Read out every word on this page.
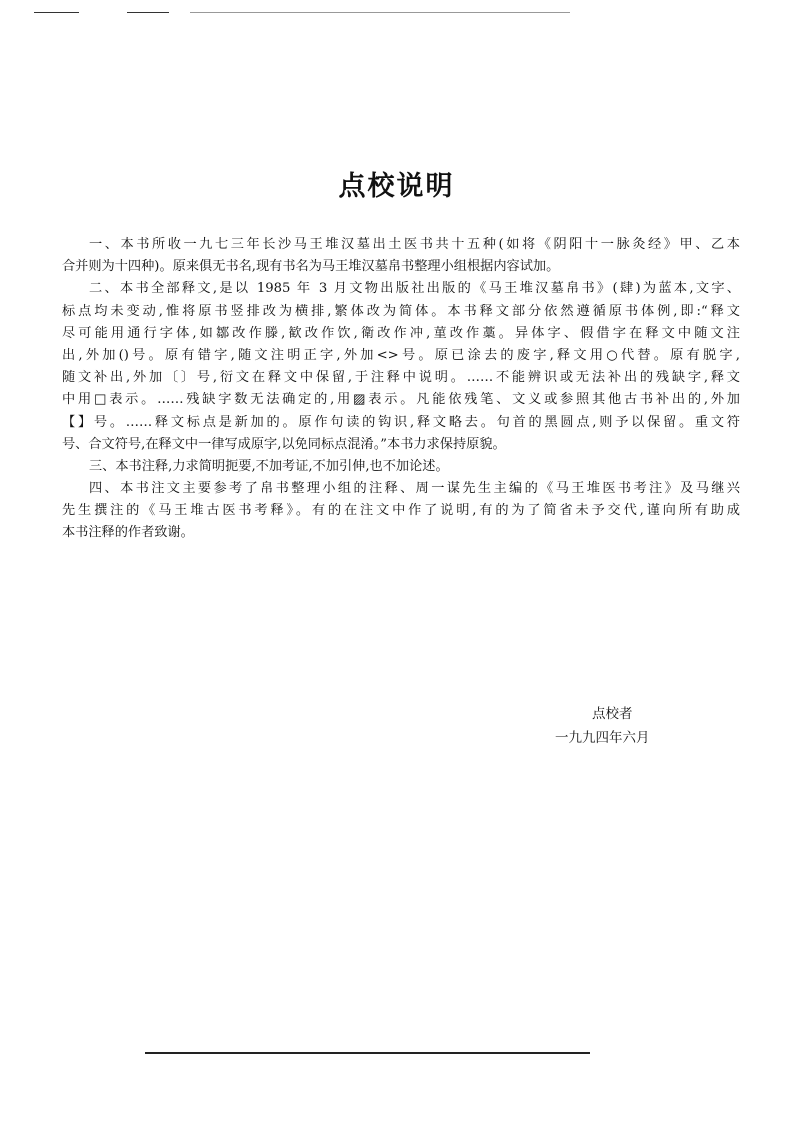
点校说明
一、本书所收一九七三年长沙马王堆汉墓出土医书共十五种(如将《阴阳十一脉灸经》甲、乙本
合并则为十四种)。原来俱无书名,现有书名为马王堆汉墓帛书整理小组根据内容试加。
二、本书全部释文,是以 1985 年 3 月文物出版社出版的《马王堆汉墓帛书》(肆)为蓝本,文字、
标点均未变动,惟将原书竖排改为横排,繁体改为简体。本书释文部分依然遵循原书体例,即:“释文
尽可能用通行字体,如鄒改作滕,歓改作饮,衛改作冲,菫改作藁。异体字、假借字在释文中随文注
出,外加()号。原有错字,随文注明正字,外加<>号。原已涂去的废字,释文用○代替。原有脱字,
随文补出,外加〔〕号,衍文在释文中保留,于注释中说明。……不能辨识或无法补出的残缺字,释文
中用□表示。……残缺字数无法确定的,用▨表示。凡能依残笔、文义或参照其他古书补出的,外加
【】号。……释文标点是新加的。原作句读的钩识,释文略去。句首的黑圆点,则予以保留。重文符
号、合文符号,在释文中一律写成原字,以免同标点混淆。”本书力求保持原貌。
三、本书注释,力求简明扼要,不加考证,不加引伸,也不加论述。
四、本书注文主要参考了帛书整理小组的注释、周一谋先生主编的《马王堆医书考注》及马继兴
先生撰注的《马王堆古医书考释》。有的在注文中作了说明,有的为了简省未予交代,谨向所有助成
本书注释的作者致谢。
点校者
一九九四年六月
